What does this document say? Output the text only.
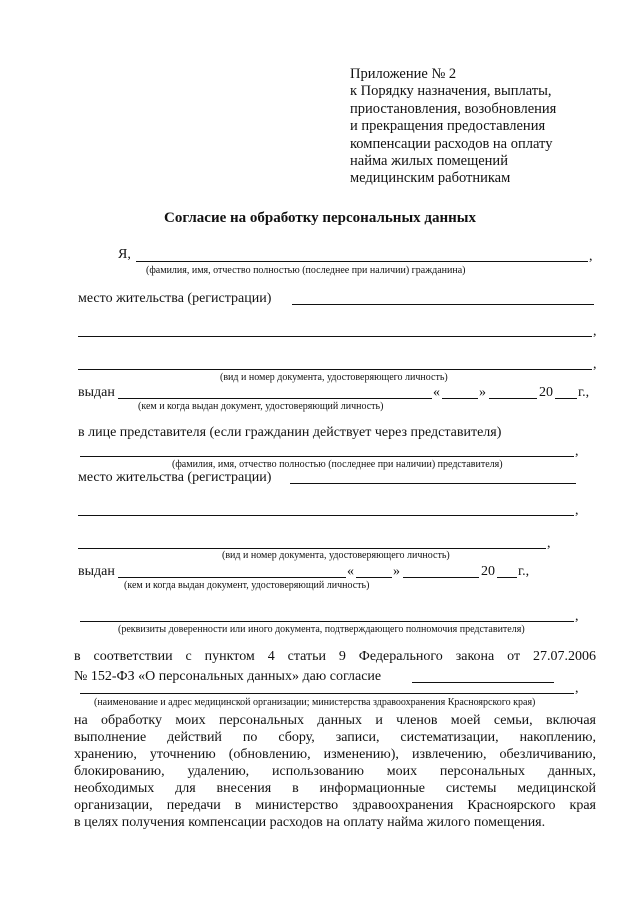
Приложение № 2
к Порядку назначения, выплаты,
приостановления, возобновления
и прекращения предоставления
компенсации расходов на оплату
найма жилых помещений
медицинским работникам
Согласие на обработку персональных данных
Я,	,
(фамилия, имя, отчество полностью (последнее при наличии) гражданина)
место жительства (регистрации)
,
,
(вид и номер документа, удостоверяющего личность)
выдан	«	»	20 г.,
(кем и когда выдан документ, удостоверяющий личность)
в лице представителя (если гражданин действует через представителя)
,
(фамилия, имя, отчество полностью (последнее при наличии) представителя)
место жительства (регистрации)
,
,
(вид и номер документа, удостоверяющего личность)
выдан	«	»	20 г.,
(кем и когда выдан документ, удостоверяющий личность)
,
(реквизиты доверенности или иного документа, подтверждающего полномочия представителя)
в соответствии с пунктом 4 статьи 9 Федерального закона от 27.07.2006
№ 152-ФЗ «О персональных данных» даю согласие
,
(наименование и адрес медицинской организации; министерства здравоохранения Красноярского края)
на обработку моих персональных данных и членов моей семьи, включая
выполнение действий по сбору, записи, систематизации, накоплению,
хранению, уточнению (обновлению, изменению), извлечению, обезличиванию,
блокированию, удалению, использованию моих персональных данных,
необходимых для внесения в информационные системы медицинской
организации, передачи в министерство здравоохранения Красноярского края
в целях получения компенсации расходов на оплату найма жилого помещения.
